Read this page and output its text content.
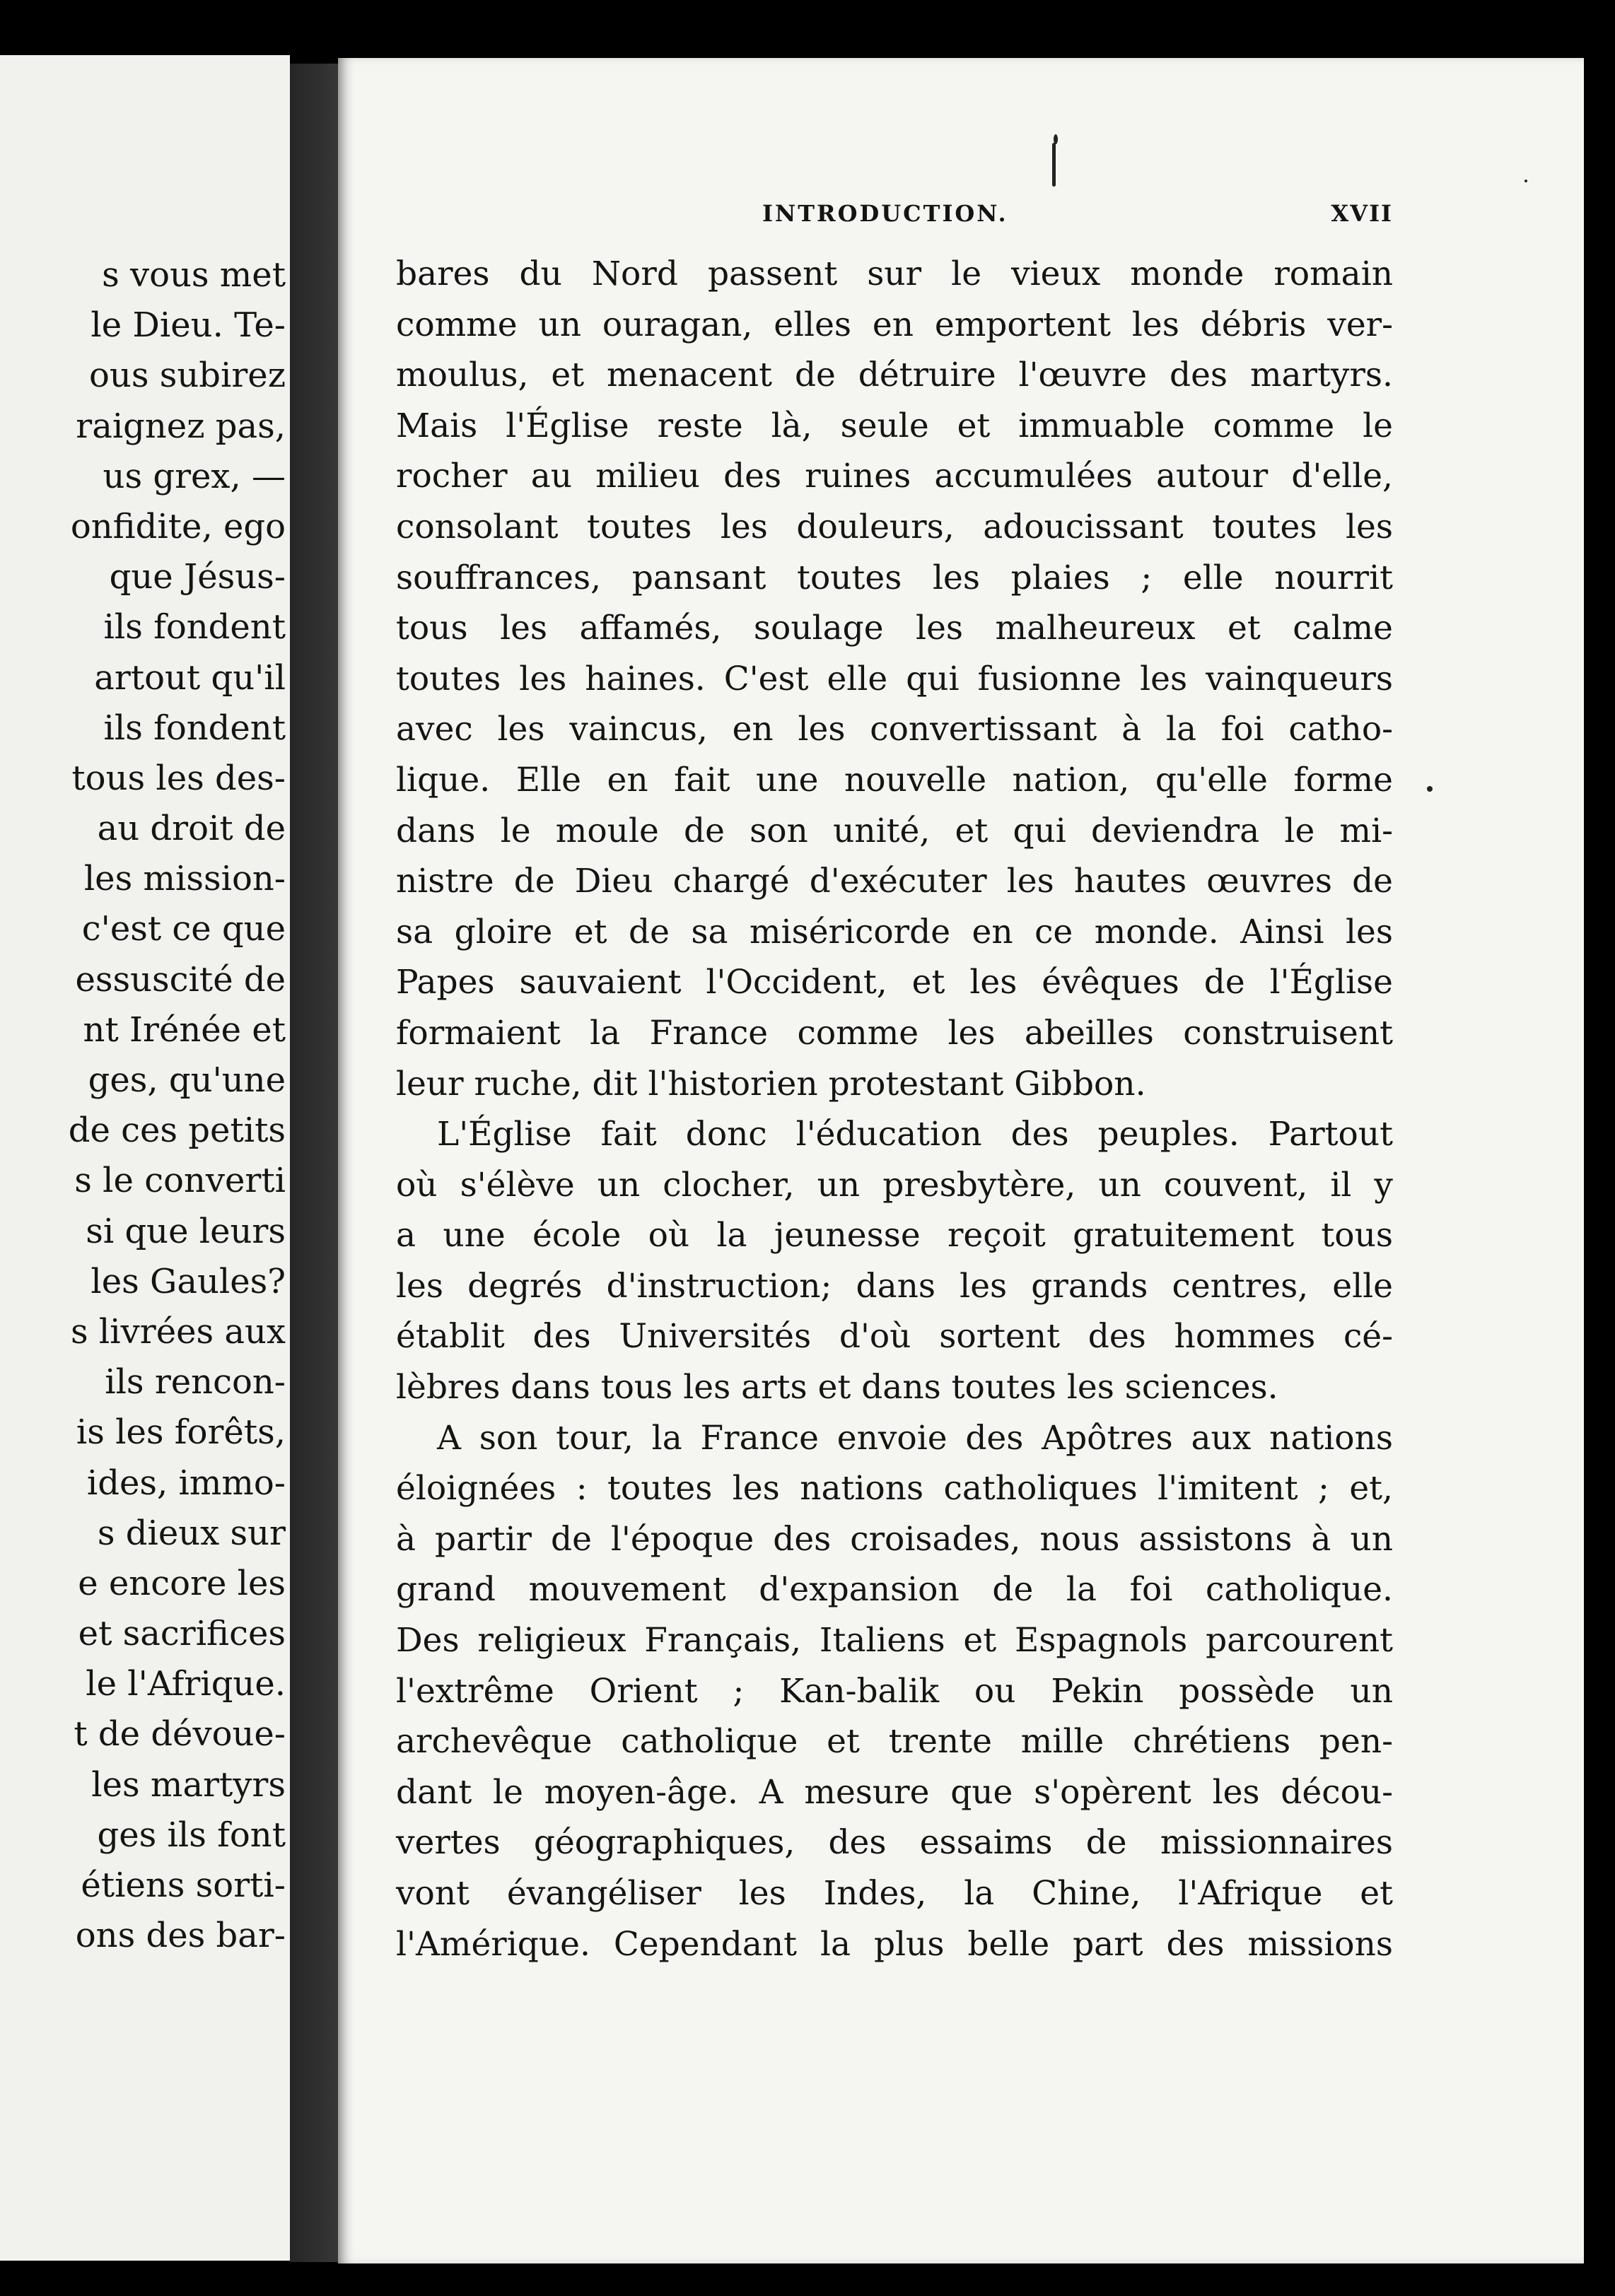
s vous met
le Dieu. Te-
ous subirez
raignez pas,
us grex, —
onfidite, ego
que Jésus-
ils fondent
artout qu'il
ils fondent
tous les des-
au droit de
les mission-
c'est ce que
essuscité de
nt Irénée et
ges, qu'une
de ces petits
s le converti
si que leurs
les Gaules?
s livrées aux
ils rencon-
is les forêts,
ides, immo-
s dieux sur
e encore les
et sacrifices
le l'Afrique.
t de dévoue-
les martyrs
ges ils font
étiens sorti-
ons des bar-
INTRODUCTION.	XVII
bares du Nord passent sur le vieux monde romain
comme un ouragan, elles en emportent les débris ver-
moulus, et menacent de détruire l'œuvre des martyrs.
Mais l'Église reste là, seule et immuable comme le
rocher au milieu des ruines accumulées autour d'elle,
consolant toutes les douleurs, adoucissant toutes les
souffrances, pansant toutes les plaies ; elle nourrit
tous les affamés, soulage les malheureux et calme
toutes les haines. C'est elle qui fusionne les vainqueurs
avec les vaincus, en les convertissant à la foi catho-
lique. Elle en fait une nouvelle nation, qu'elle forme
dans le moule de son unité, et qui deviendra le mi-
nistre de Dieu chargé d'exécuter les hautes œuvres de
sa gloire et de sa miséricorde en ce monde. Ainsi les
Papes sauvaient l'Occident, et les évêques de l'Église
formaient la France comme les abeilles construisent
leur ruche, dit l'historien protestant Gibbon.
L'Église fait donc l'éducation des peuples. Partout
où s'élève un clocher, un presbytère, un couvent, il y
a une école où la jeunesse reçoit gratuitement tous
les degrés d'instruction; dans les grands centres, elle
établit des Universités d'où sortent des hommes cé-
lèbres dans tous les arts et dans toutes les sciences.
A son tour, la France envoie des Apôtres aux nations
éloignées : toutes les nations catholiques l'imitent ; et,
à partir de l'époque des croisades, nous assistons à un
grand mouvement d'expansion de la foi catholique.
Des religieux Français, Italiens et Espagnols parcourent
l'extrême Orient ; Kan-balik ou Pekin possède un
archevêque catholique et trente mille chrétiens pen-
dant le moyen-âge. A mesure que s'opèrent les décou-
vertes géographiques, des essaims de missionnaires
vont évangéliser les Indes, la Chine, l'Afrique et
l'Amérique. Cependant la plus belle part des missions
